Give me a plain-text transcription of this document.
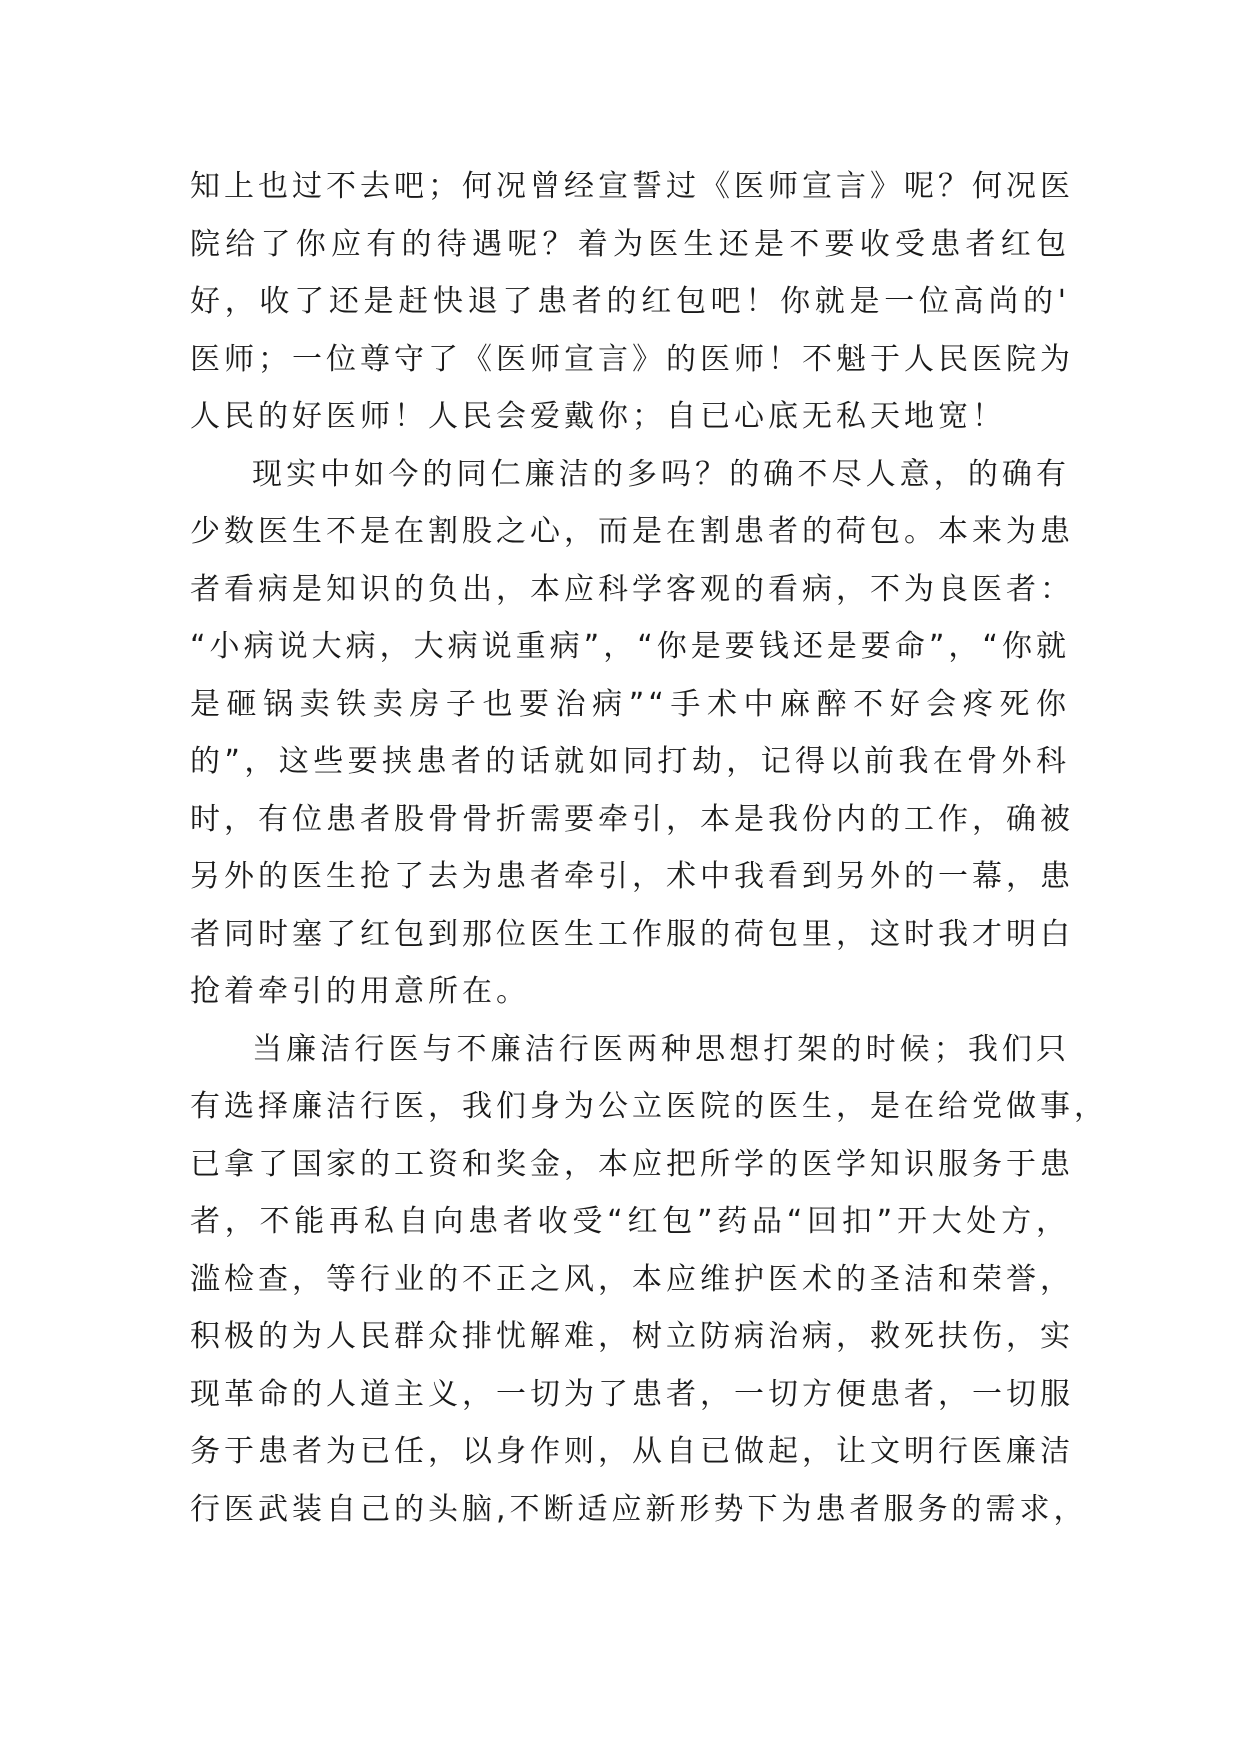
知上也过不去吧；何况曾经宣誓过《医师宣言》呢？何况医
院给了你应有的待遇呢？着为医生还是不要收受患者红包
好，收了还是赶快退了患者的红包吧！你就是一位高尚的'
医师；一位尊守了《医师宣言》的医师！不魁于人民医院为
人民的好医师！人民会爱戴你；自已心底无私天地宽！
现实中如今的同仁廉洁的多吗？的确不尽人意，的确有
少数医生不是在割股之心，而是在割患者的荷包。本来为患
者看病是知识的负出，本应科学客观的看病，不为良医者：
“小病说大病，大病说重病”，“你是要钱还是要命”，“你就
是砸锅卖铁卖房子也要治病”“手术中麻醉不好会疼死你
的”，这些要挟患者的话就如同打劫，记得以前我在骨外科
时，有位患者股骨骨折需要牵引，本是我份内的工作，确被
另外的医生抢了去为患者牵引，术中我看到另外的一幕，患
者同时塞了红包到那位医生工作服的荷包里，这时我才明白
抢着牵引的用意所在。
当廉洁行医与不廉洁行医两种思想打架的时候；我们只
有选择廉洁行医，我们身为公立医院的医生，是在给党做事，
已拿了国家的工资和奖金，本应把所学的医学知识服务于患
者，不能再私自向患者收受“红包”药品“回扣”开大处方，
滥检查，等行业的不正之风，本应维护医术的圣洁和荣誉，
积极的为人民群众排忧解难，树立防病治病，救死扶伤，实
现革命的人道主义，一切为了患者，一切方便患者，一切服
务于患者为已任，以身作则，从自已做起，让文明行医廉洁
行医武装自己的头脑,不断适应新形势下为患者服务的需求，
